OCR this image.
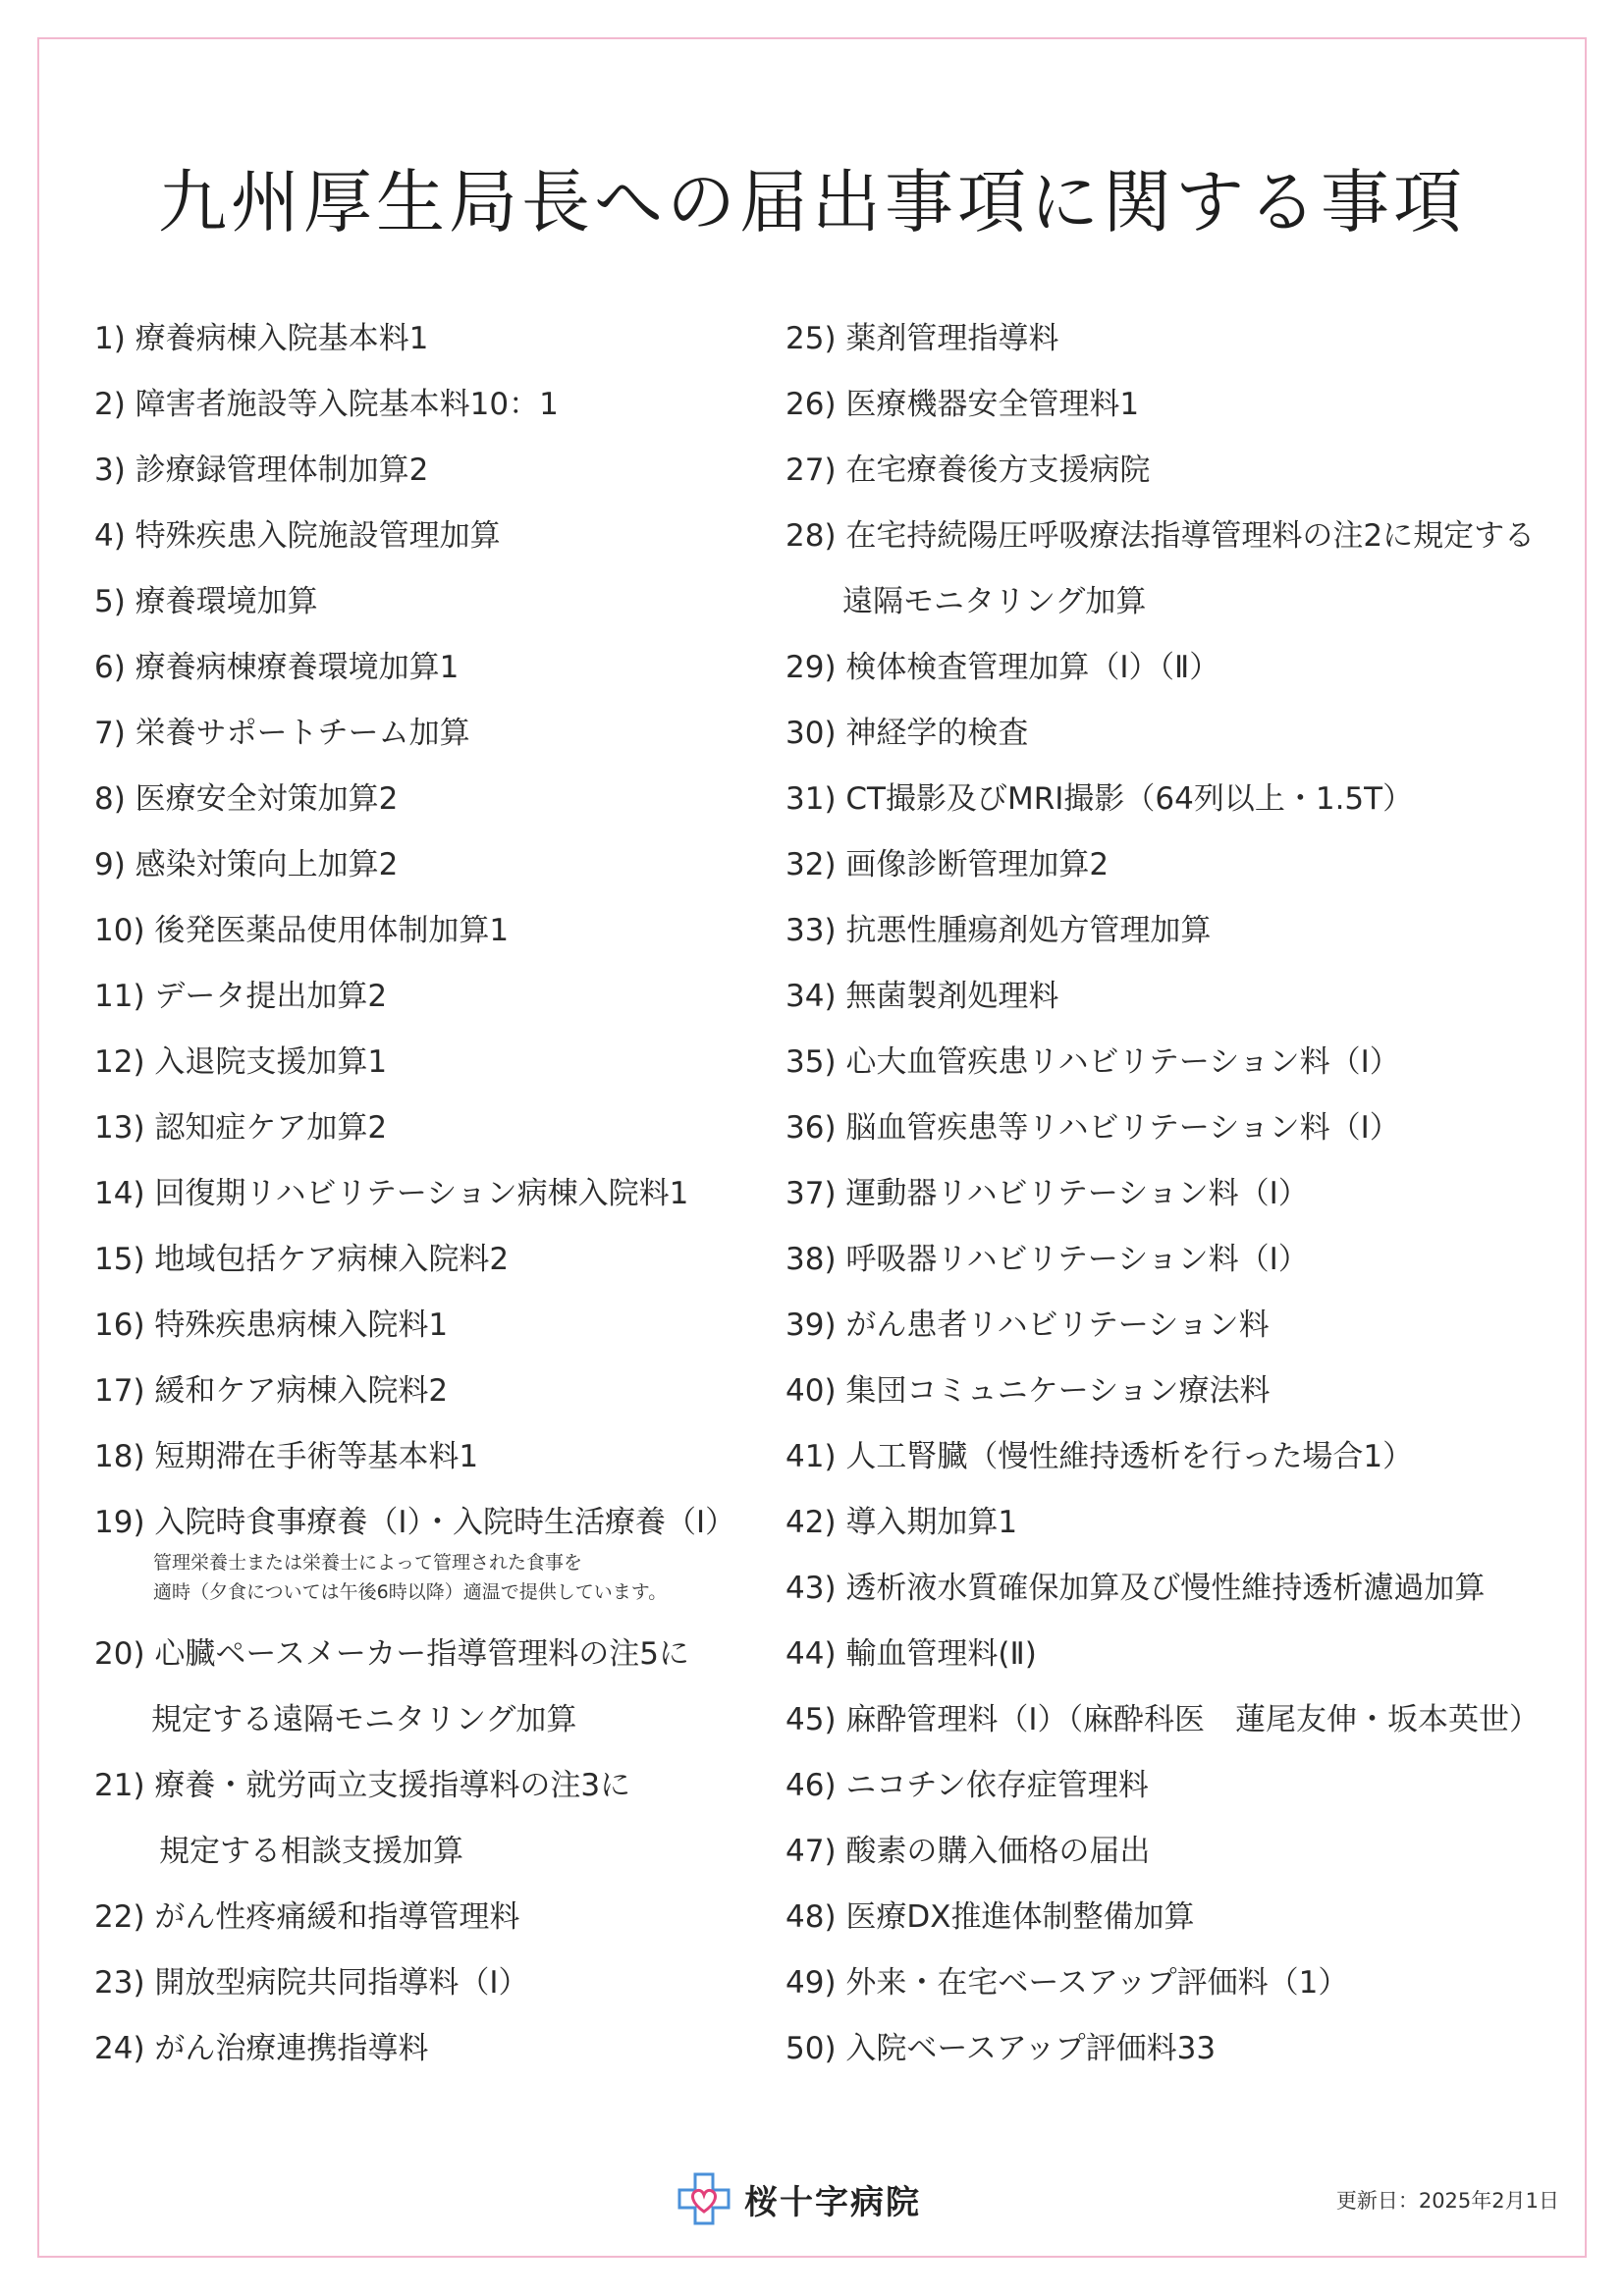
九州厚生局長への届出事項に関する事項
1) 療養病棟入院基本料1
2) 障害者施設等入院基本料10：1
3) 診療録管理体制加算2
4) 特殊疾患入院施設管理加算
5) 療養環境加算
6) 療養病棟療養環境加算1
7) 栄養サポートチーム加算
8) 医療安全対策加算2
9) 感染対策向上加算2
10) 後発医薬品使用体制加算1
11) データ提出加算2
12) 入退院支援加算1
13) 認知症ケア加算2
14) 回復期リハビリテーション病棟入院料1
15) 地域包括ケア病棟入院料2
16) 特殊疾患病棟入院料1
17) 緩和ケア病棟入院料2
18) 短期滞在手術等基本料1
19) 入院時食事療養（Ⅰ）・入院時生活療養（Ⅰ）
管理栄養士または栄養士によって管理された食事を
適時（夕食については午後6時以降）適温で提供しています。
20) 心臓ペースメーカー指導管理料の注5に
規定する遠隔モニタリング加算
21) 療養・就労両立支援指導料の注3に
規定する相談支援加算
22) がん性疼痛緩和指導管理料
23) 開放型病院共同指導料（Ⅰ）
24) がん治療連携指導料
25) 薬剤管理指導料
26) 医療機器安全管理料1
27) 在宅療養後方支援病院
28) 在宅持続陽圧呼吸療法指導管理料の注2に規定する
遠隔モニタリング加算
29) 検体検査管理加算（Ⅰ）（Ⅱ）
30) 神経学的検査
31) CT撮影及びMRI撮影（64列以上・1.5T）
32) 画像診断管理加算2
33) 抗悪性腫瘍剤処方管理加算
34) 無菌製剤処理料
35) 心大血管疾患リハビリテーション料（Ⅰ）
36) 脳血管疾患等リハビリテーション料（Ⅰ）
37) 運動器リハビリテーション料（Ⅰ）
38) 呼吸器リハビリテーション料（Ⅰ）
39) がん患者リハビリテーション料
40) 集団コミュニケーション療法料
41) 人工腎臓（慢性維持透析を行った場合1）
42) 導入期加算1
43) 透析液水質確保加算及び慢性維持透析濾過加算
44) 輸血管理料(Ⅱ)
45) 麻酔管理料（Ⅰ）（麻酔科医　蓮尾友伸・坂本英世）
46) ニコチン依存症管理料
47) 酸素の購入価格の届出
48) 医療DX推進体制整備加算
49) 外来・在宅ベースアップ評価料（1）
50) 入院ベースアップ評価料33
桜十字病院	更新日：2025年2月1日
